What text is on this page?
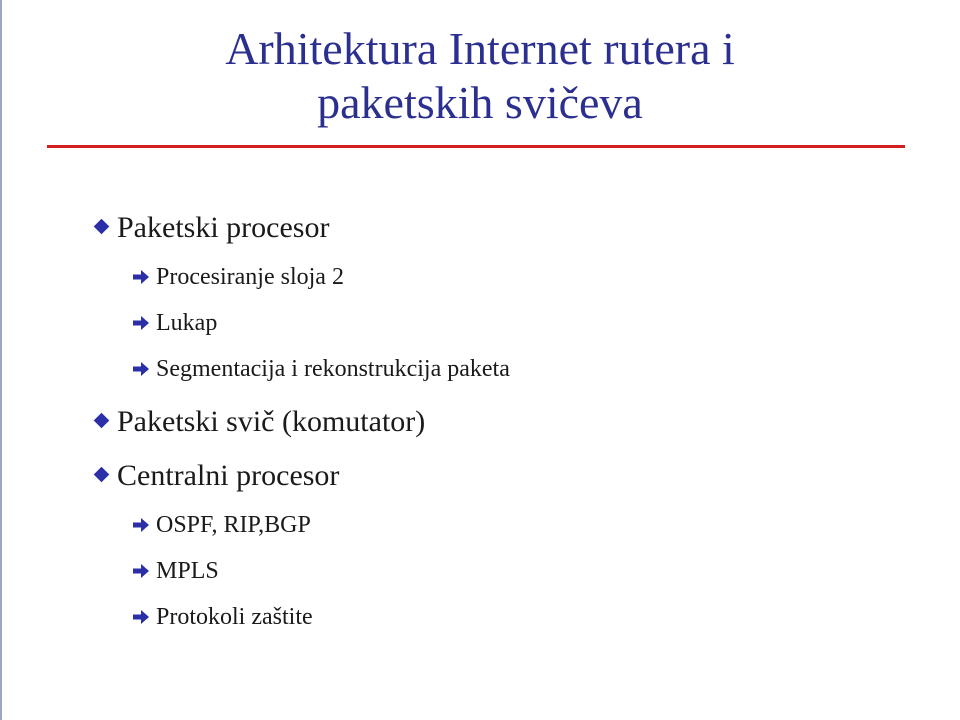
Arhitektura Internet rutera i
paketskih svičeva
Paketski procesor
Procesiranje sloja 2
Lukap
Segmentacija i rekonstrukcija paketa
Paketski svič (komutator)
Centralni procesor
OSPF, RIP,BGP
MPLS
Protokoli zaštite
